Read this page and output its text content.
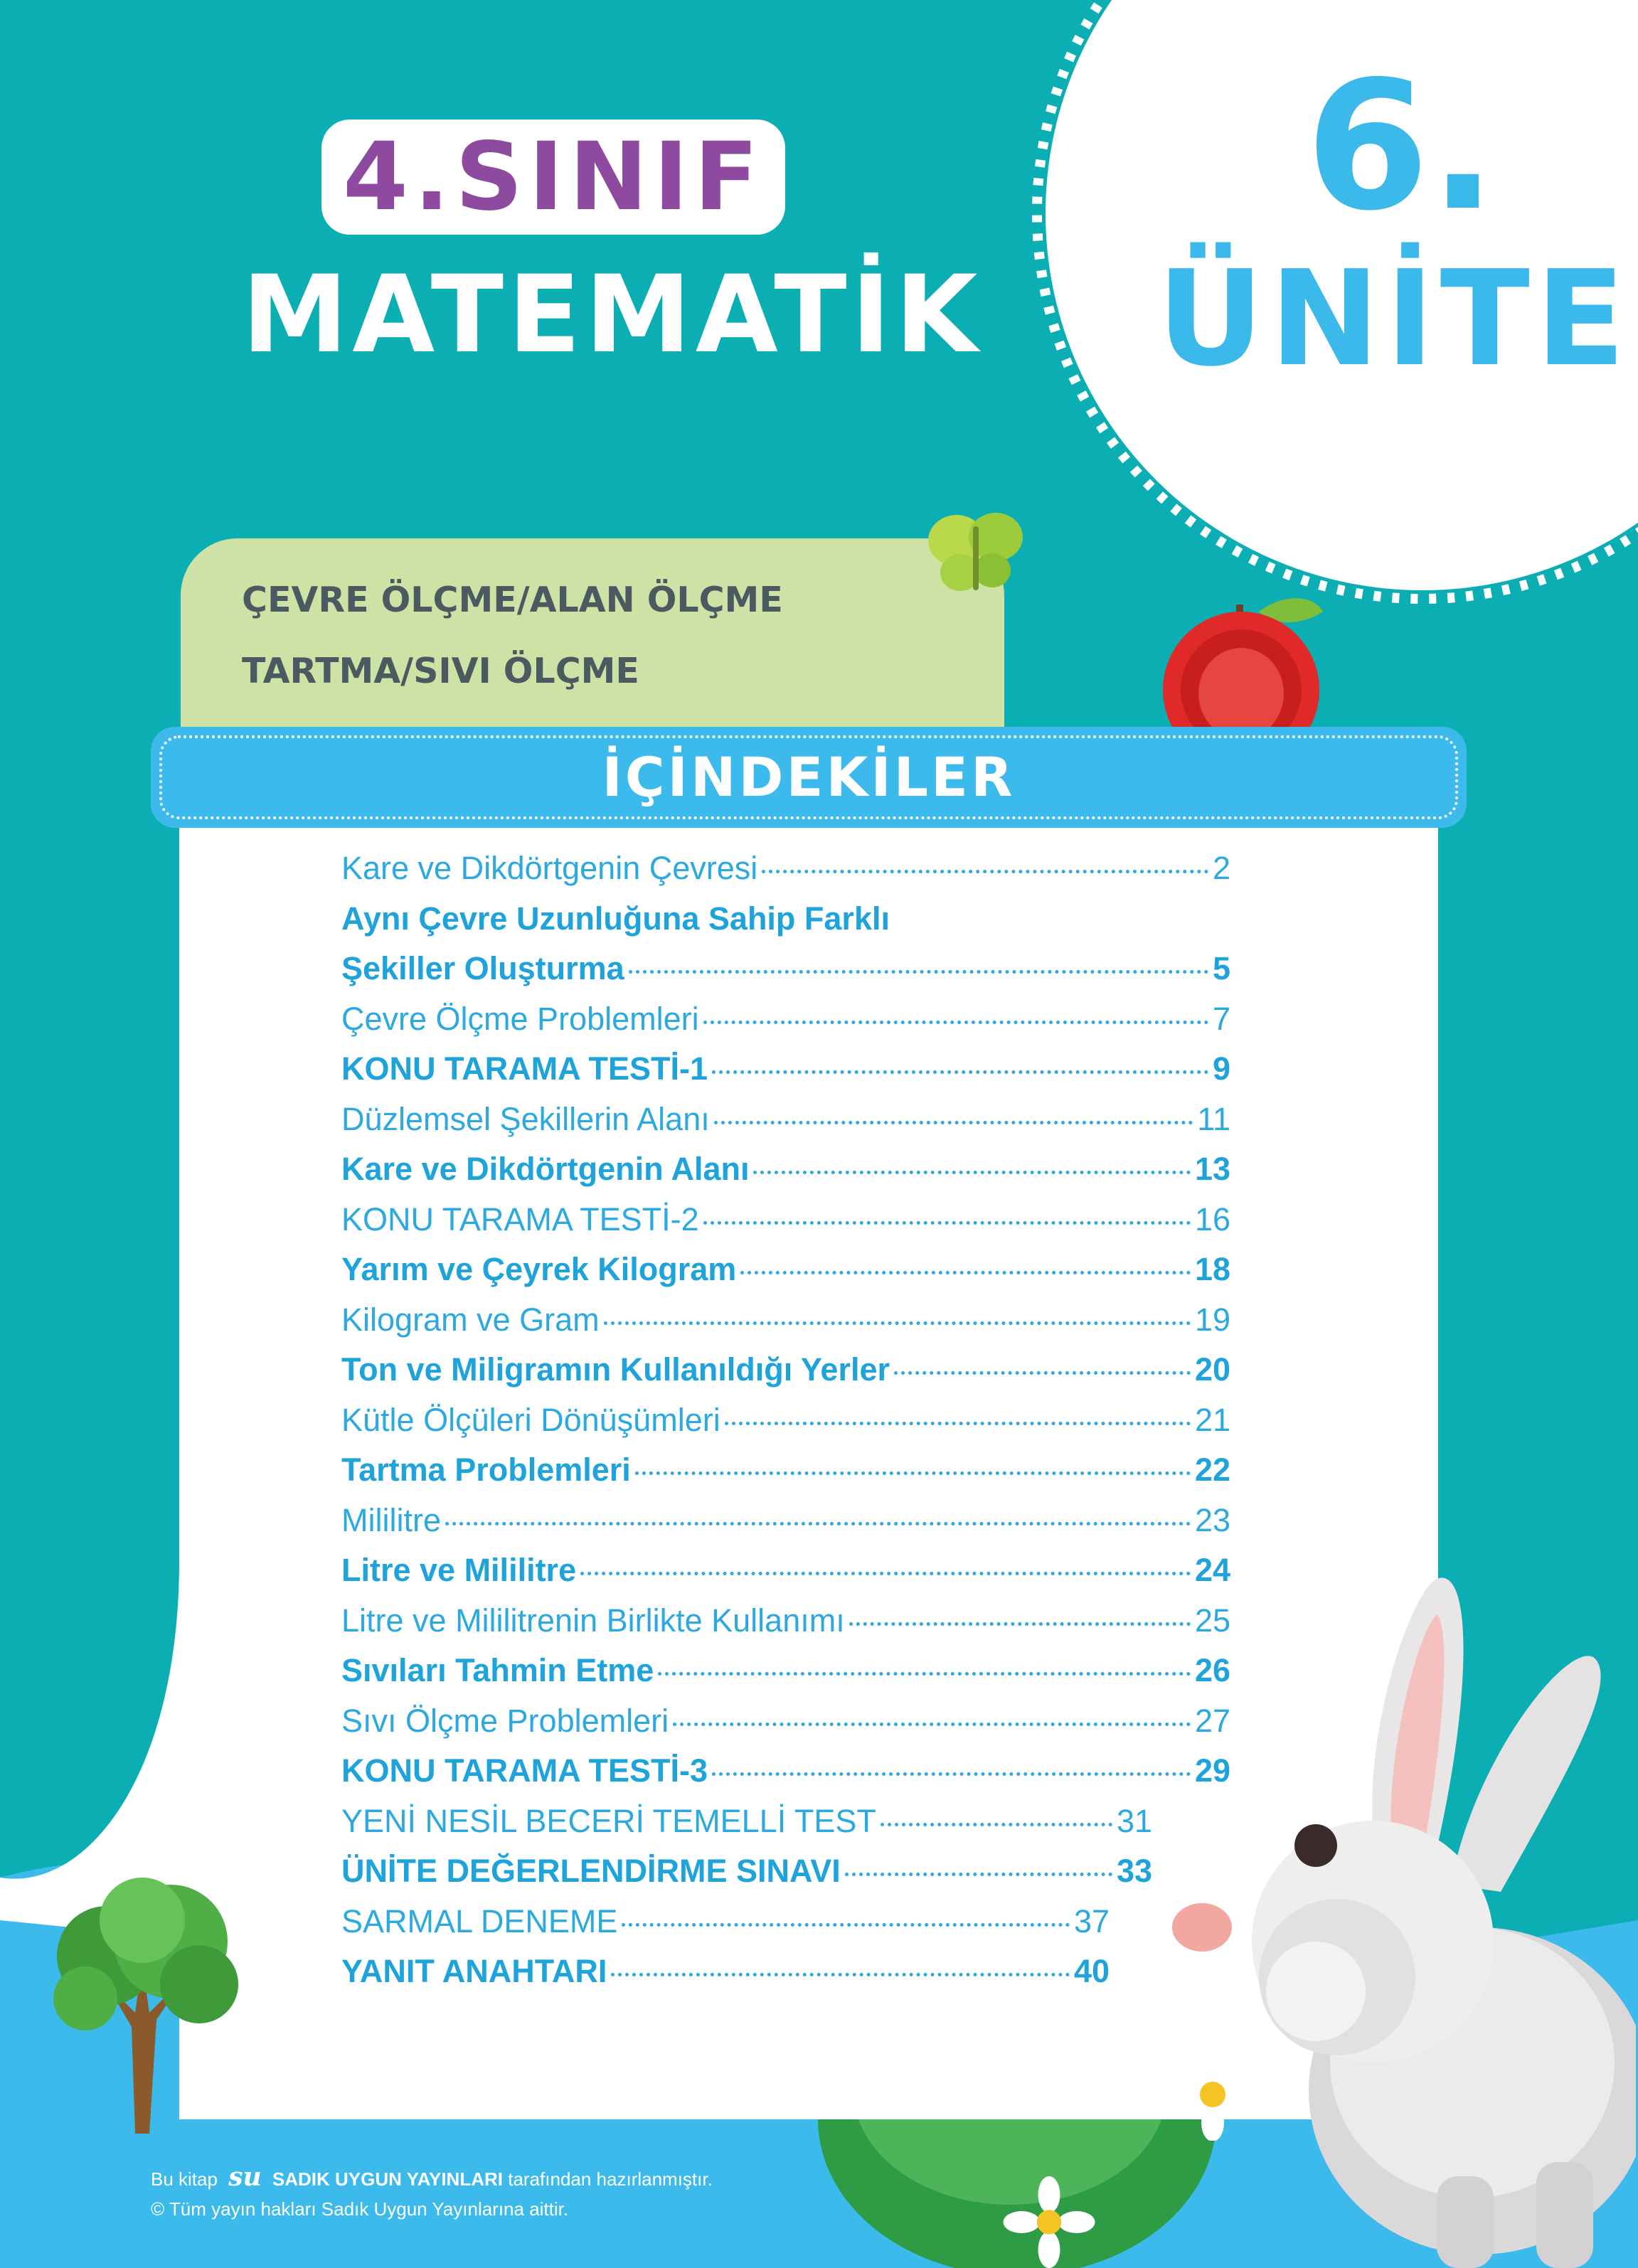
4.SINIF
MATEMATİK
6.
ÜNİTE
ÇEVRE ÖLÇME/ALAN ÖLÇME
TARTMA/SIVI ÖLÇME
İÇİNDEKİLER
Kare ve Dikdörtgenin Çevresi	2
Aynı Çevre Uzunluğuna Sahip Farklı
Şekiller Oluşturma	5
Çevre Ölçme Problemleri	7
KONU TARAMA TESTİ-1	9
Düzlemsel Şekillerin Alanı	11
Kare ve Dikdörtgenin Alanı	13
KONU TARAMA TESTİ-2	16
Yarım ve Çeyrek Kilogram	18
Kilogram ve Gram	19
Ton ve Miligramın Kullanıldığı Yerler	20
Kütle Ölçüleri Dönüşümleri	21
Tartma Problemleri	22
Mililitre	23
Litre ve Mililitre	24
Litre ve Mililitrenin Birlikte Kullanımı	25
Sıvıları Tahmin Etme	26
Sıvı Ölçme Problemleri	27
KONU TARAMA TESTİ-3	29
YENİ NESİL BECERİ TEMELLİ TEST	31
ÜNİTE DEĞERLENDİRME SINAVI	33
SARMAL DENEME	37
YANIT ANAHTARI	40
Bu kitap su SADIK UYGUN YAYINLARI tarafından hazırlanmıştır.
© Tüm yayın hakları Sadık Uygun Yayınlarına aittir.
